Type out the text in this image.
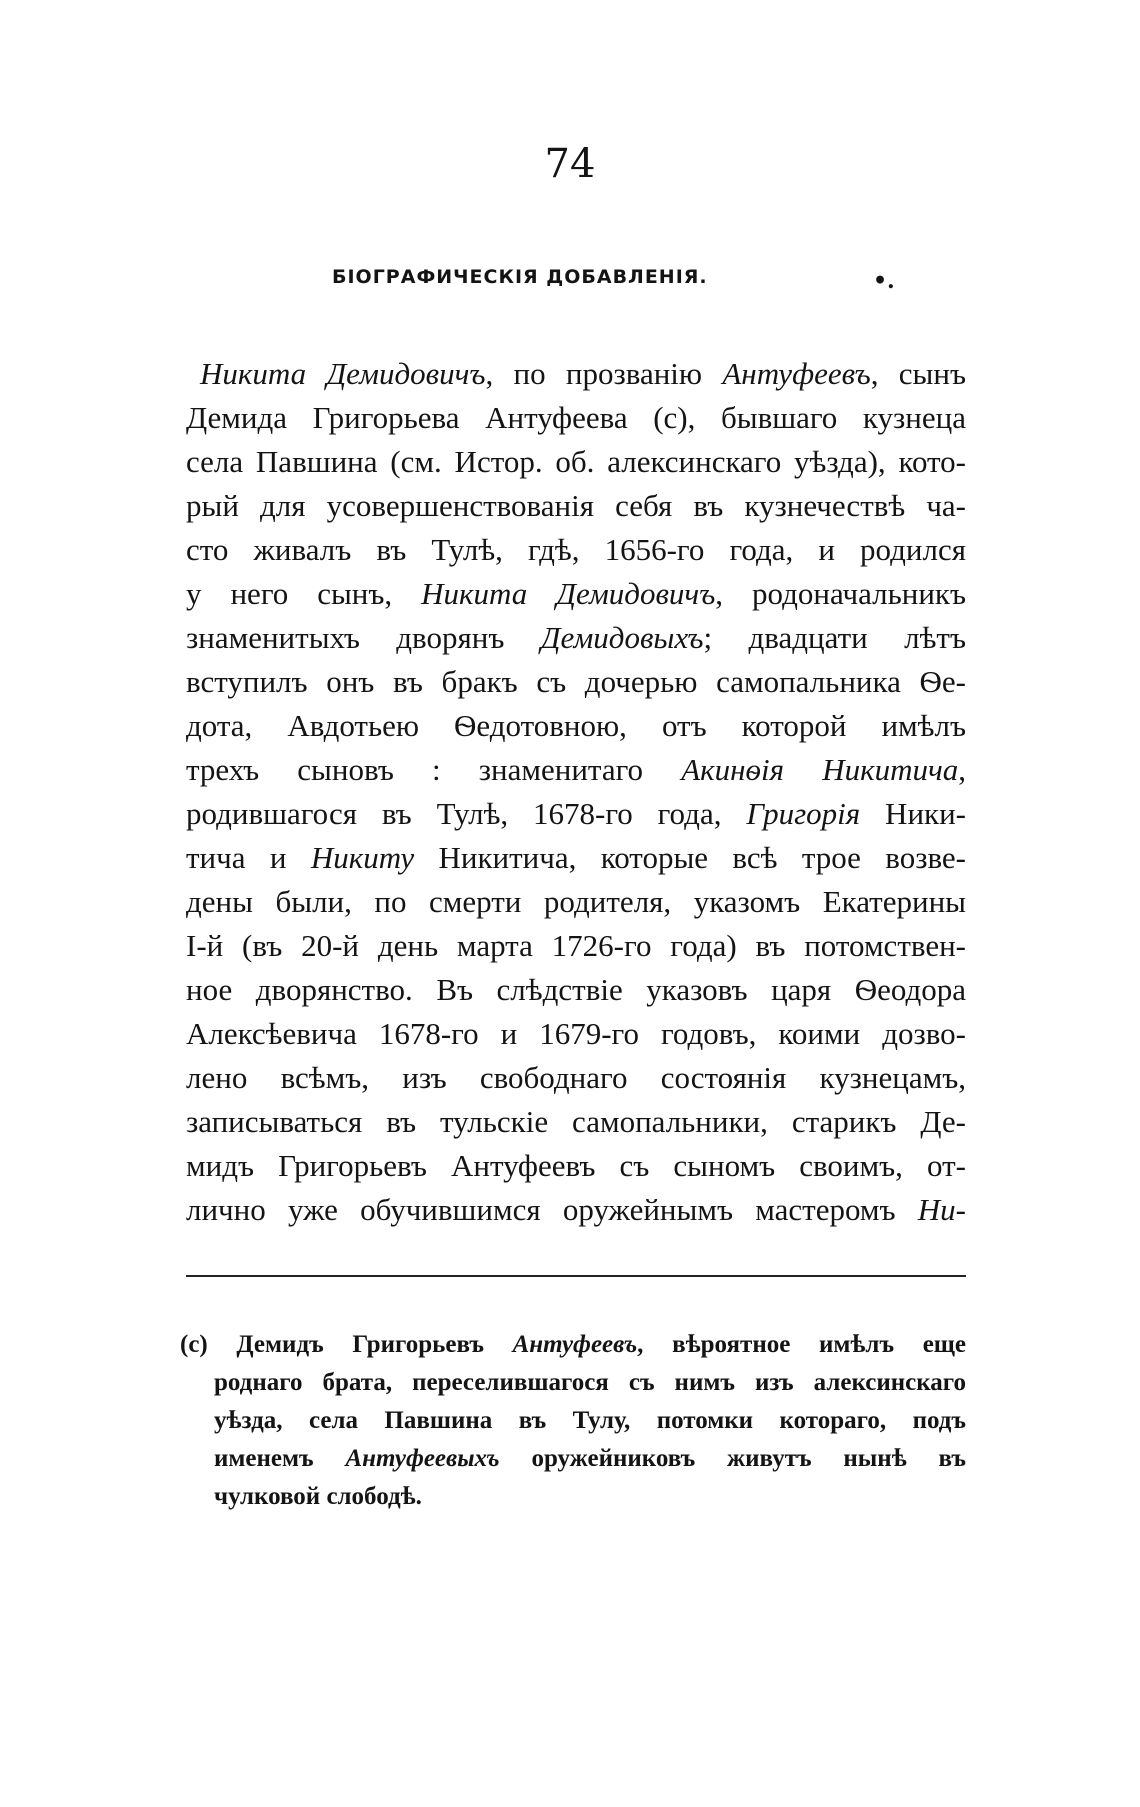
74
БІОГРАФИЧЕСКІЯ ДОБАВЛЕНІЯ.	•.
Никита Демидовичъ, по прозванію Антуфеевъ, сынъ
Демида Григорьева Антуфеева (с), бывшаго кузнеца
села Павшина (см. Истор. об. алексинскаго уѣзда), кото-
рый для усовершенствованія себя въ кузнечествѣ ча-
сто живалъ въ Тулѣ, гдѣ, 1656-го года, и родился
у него сынъ, Никита Демидовичъ, родоначальникъ
знаменитыхъ дворянъ Демидовыхъ; двадцати лѣтъ
вступилъ онъ въ бракъ съ дочерью самопальника Ѳе-
дота, Авдотьею Ѳедотовною, отъ которой имѣлъ
трехъ сыновъ : знаменитаго Акинѳія Никитича,
родившагося въ Тулѣ, 1678-го года, Григорія Ники-
тича и Никиту Никитича, которые всѣ трое возве-
дены были, по смерти родителя, указомъ Екатерины
I-й (въ 20-й день марта 1726-го года) въ потомствен-
ное дворянство. Въ слѣдствіе указовъ царя Ѳеодора
Алексѣевича 1678-го и 1679-го годовъ, коими дозво-
лено всѣмъ, изъ свободнаго состоянія кузнецамъ,
записываться въ тульскіе самопальники, старикъ Де-
мидъ Григорьевъ Антуфеевъ съ сыномъ своимъ, от-
лично уже обучившимся оружейнымъ мастеромъ Ни-
(с) Демидъ Григорьевъ Антуфеевъ, вѣроятное имѣлъ еще
роднаго брата, переселившагося съ нимъ изъ алексинскаго
уѣзда, села Павшина въ Тулу, потомки котораго, подъ
именемъ Антуфеевыхъ оружейниковъ живутъ нынѣ въ
чулковой слободѣ.
